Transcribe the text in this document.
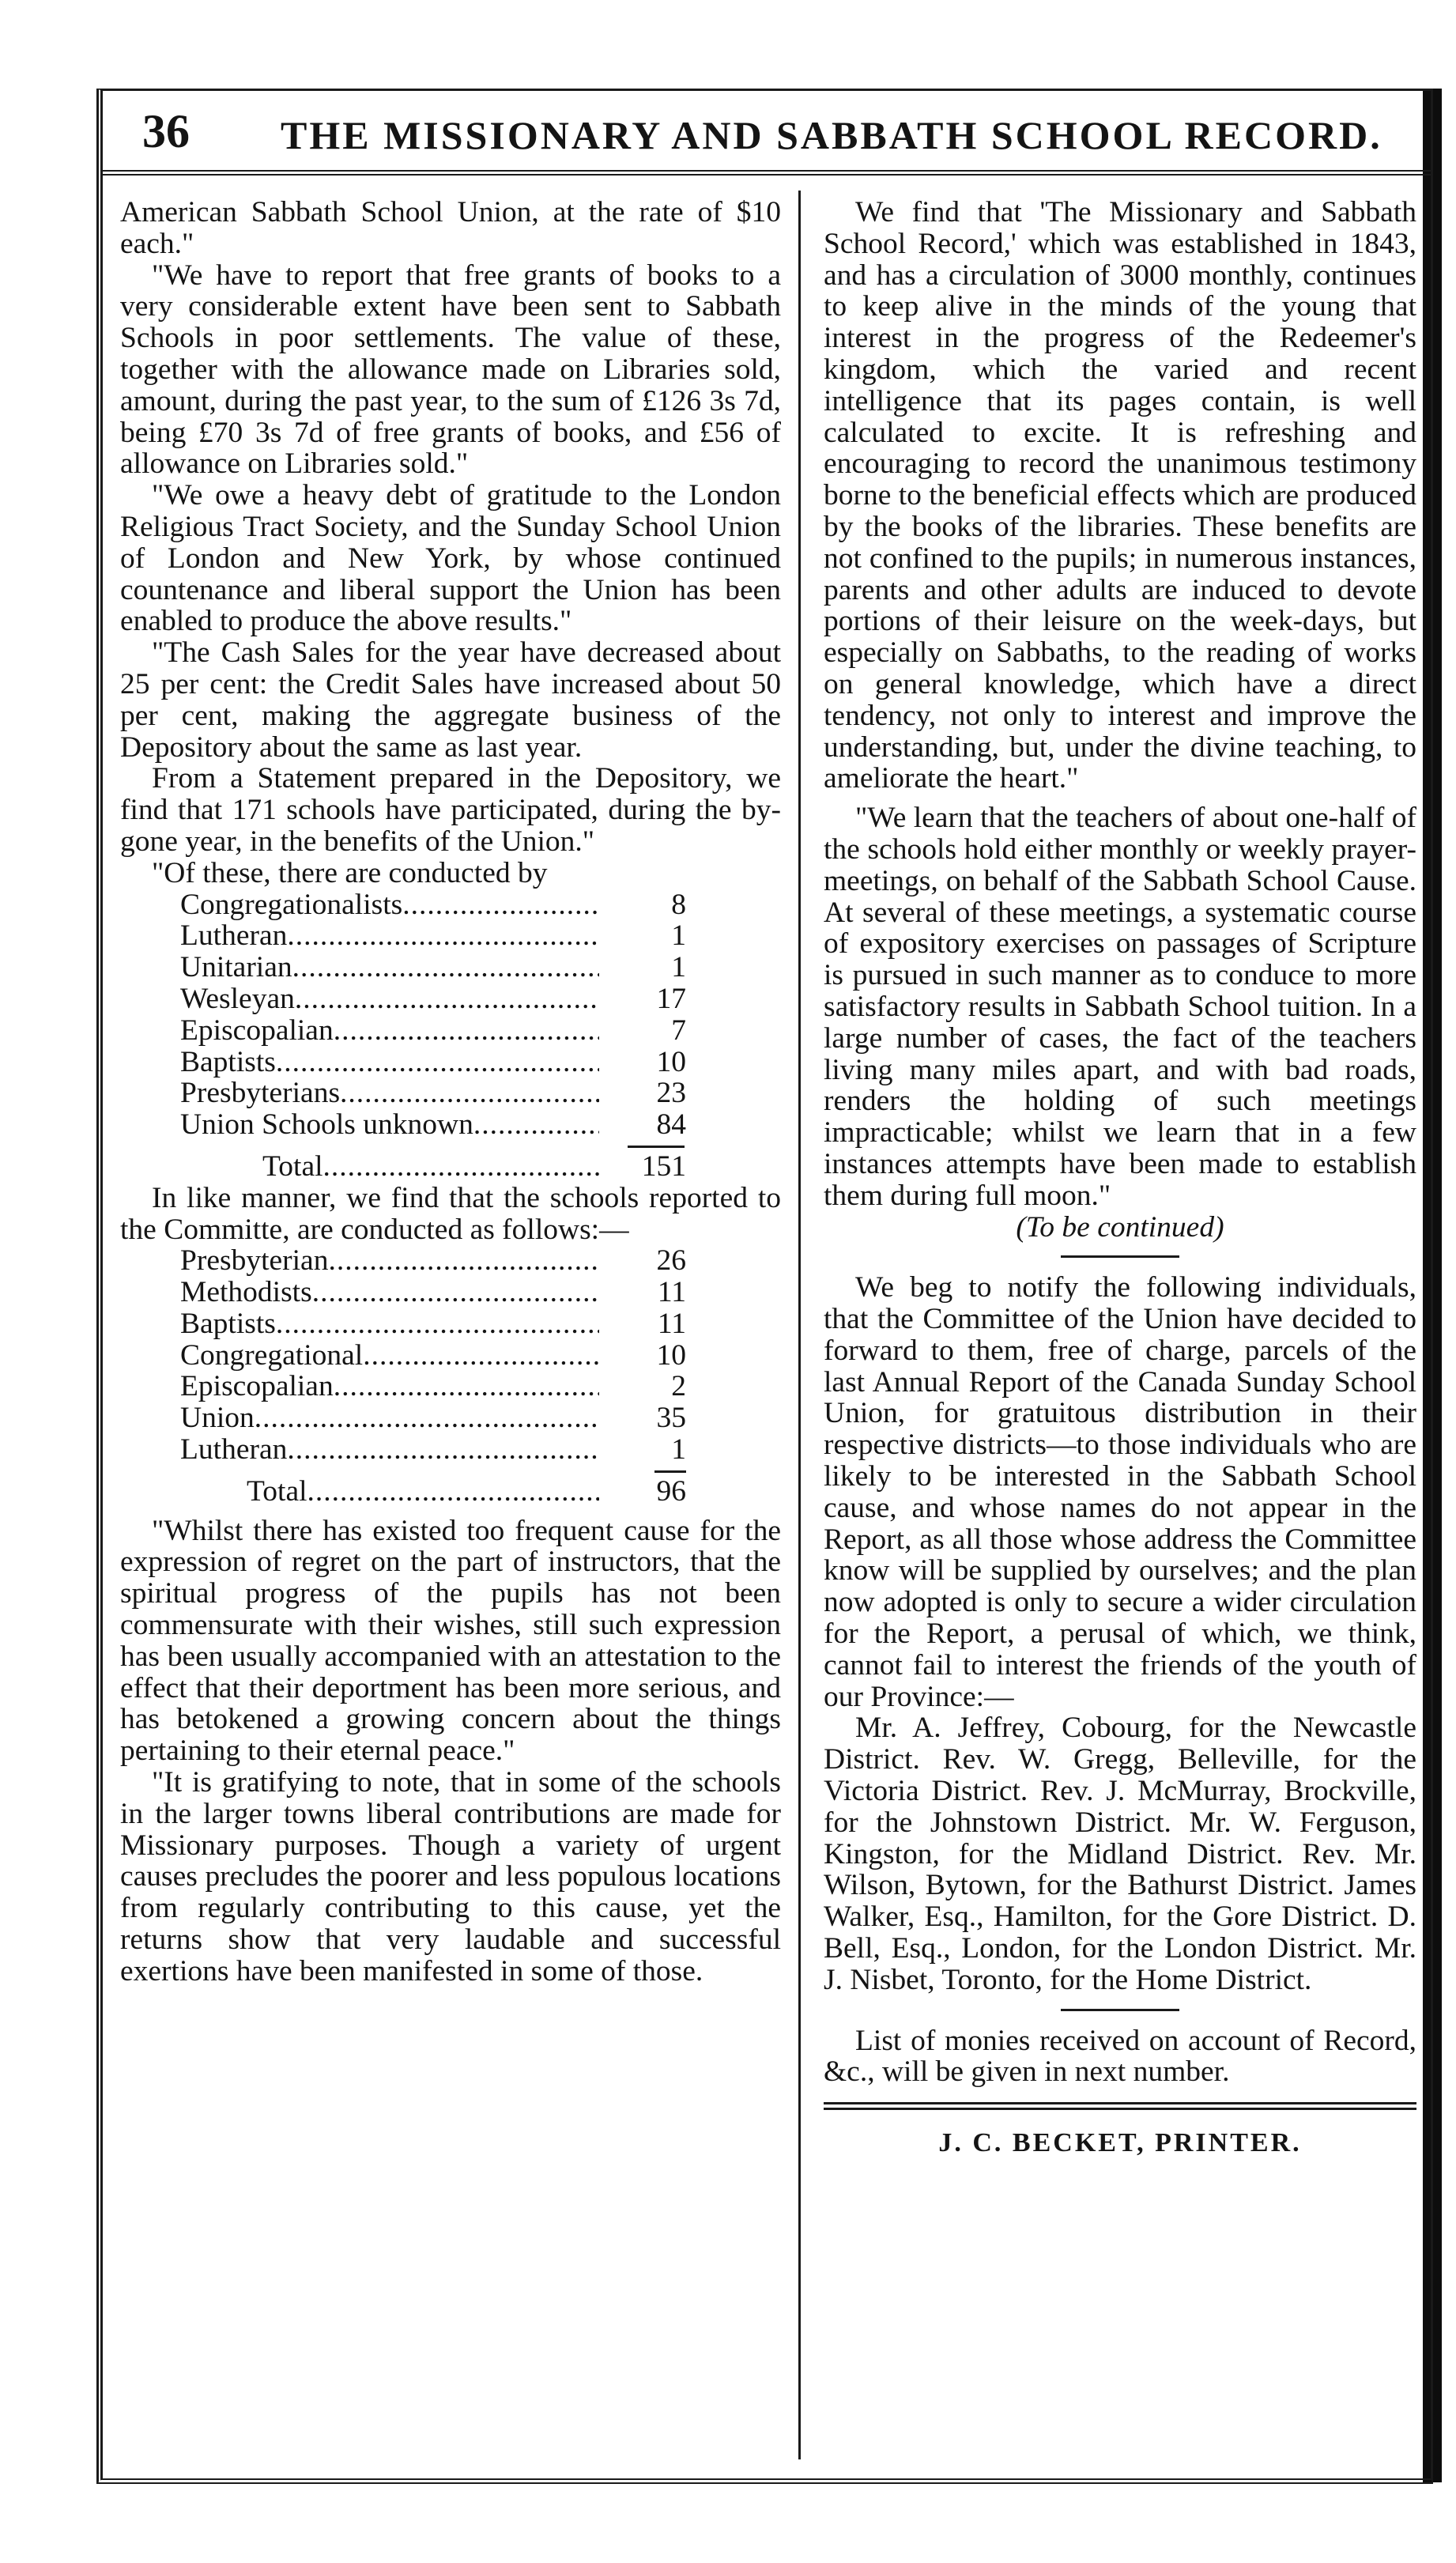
36 THE MISSIONARY AND SABBATH SCHOOL RECORD.

American Sabbath School Union, at the rate of $10 each."

"We have to report that free grants of books to a very considerable extent have been sent to Sabbath Schools in poor settlements. The value of these, together with the allowance made on Libraries sold, amount, during the past year, to the sum of £126 3s 7d, being £70 3s 7d of free grants of books, and £56 of allowance on Libraries sold."

"We owe a heavy debt of gratitude to the London Religious Tract Society, and the Sunday School Union of London and New York, by whose continued countenance and liberal support the Union has been enabled to produce the above results."

"The Cash Sales for the year have decreased about 25 per cent: the Credit Sales have increased about 50 per cent, making the aggregate business of the Depository about the same as last year.

From a Statement prepared in the Depository, we find that 171 schools have participated, during the by-gone year, in the benefits of the Union."

"Of these, there are conducted by

Congregationalists .....	8
Lutheran .....	1
Unitarian .....	1
Wesleyan .....	17
Episcopalian .....	7
Baptists .....	10
Presbyterians .....	23
Union Schools unknown .....	84
Total .....	151

In like manner, we find that the schools reported to the Committe, are conducted as follows:—

Presbyterian .....	26
Methodists .....	11
Baptists .....	11
Congregational .....	10
Episcopalian .....	2
Union .....	35
Lutheran .....	1
Total .....	96

"Whilst there has existed too frequent cause for the expression of regret on the part of instructors, that the spiritual progress of the pupils has not been commensurate with their wishes, still such expression has been usually accompanied with an attestation to the effect that their deportment has been more serious, and has betokened a growing concern about the things pertaining to their eternal peace."

"It is gratifying to note, that in some of the schools in the larger towns liberal contributions are made for Missionary purposes. Though a variety of urgent causes precludes the poorer and less populous locations from regularly contributing to this cause, yet the returns show that very laudable and successful exertions have been manifested in some of those.

We find that 'The Missionary and Sabbath School Record,' which was established in 1843, and has a circulation of 3000 monthly, continues to keep alive in the minds of the young that interest in the progress of the Redeemer's kingdom, which the varied and recent intelligence that its pages contain, is well calculated to excite. It is refreshing and encouraging to record the unanimous testimony borne to the beneficial effects which are produced by the books of the libraries. These benefits are not confined to the pupils; in numerous instances, parents and other adults are induced to devote portions of their leisure on the week-days, but especially on Sabbaths, to the reading of works on general knowledge, which have a direct tendency, not only to interest and improve the understanding, but, under the divine teaching, to ameliorate the heart."

"We learn that the teachers of about one-half of the schools hold either monthly or weekly prayer-meetings, on behalf of the Sabbath School Cause. At several of these meetings, a systematic course of expository exercises on passages of Scripture is pursued in such manner as to conduce to more satisfactory results in Sabbath School tuition. In a large number of cases, the fact of the teachers living many miles apart, and with bad roads, renders the holding of such meetings impracticable; whilst we learn that in a few instances attempts have been made to establish them during full moon."

(To be continued)

We beg to notify the following individuals, that the Committee of the Union have decided to forward to them, free of charge, parcels of the last Annual Report of the Canada Sunday School Union, for gratuitous distribution in their respective districts—to those individuals who are likely to be interested in the Sabbath School cause, and whose names do not appear in the Report, as all those whose address the Committee know will be supplied by ourselves; and the plan now adopted is only to secure a wider circulation for the Report, a perusal of which, we think, cannot fail to interest the friends of the youth of our Province:—

Mr. A. Jeffrey, Cobourg, for the Newcastle District. Rev. W. Gregg, Belleville, for the Victoria District. Rev. J. McMurray, Brockville, for the Johnstown District. Mr. W. Ferguson, Kingston, for the Midland District. Rev. Mr. Wilson, Bytown, for the Bathurst District. James Walker, Esq., Hamilton, for the Gore District. D. Bell, Esq., London, for the London District. Mr. J. Nisbet, Toronto, for the Home District.

List of monies received on account of Record, &c., will be given in next number.

J. C. BECKET, PRINTER.
